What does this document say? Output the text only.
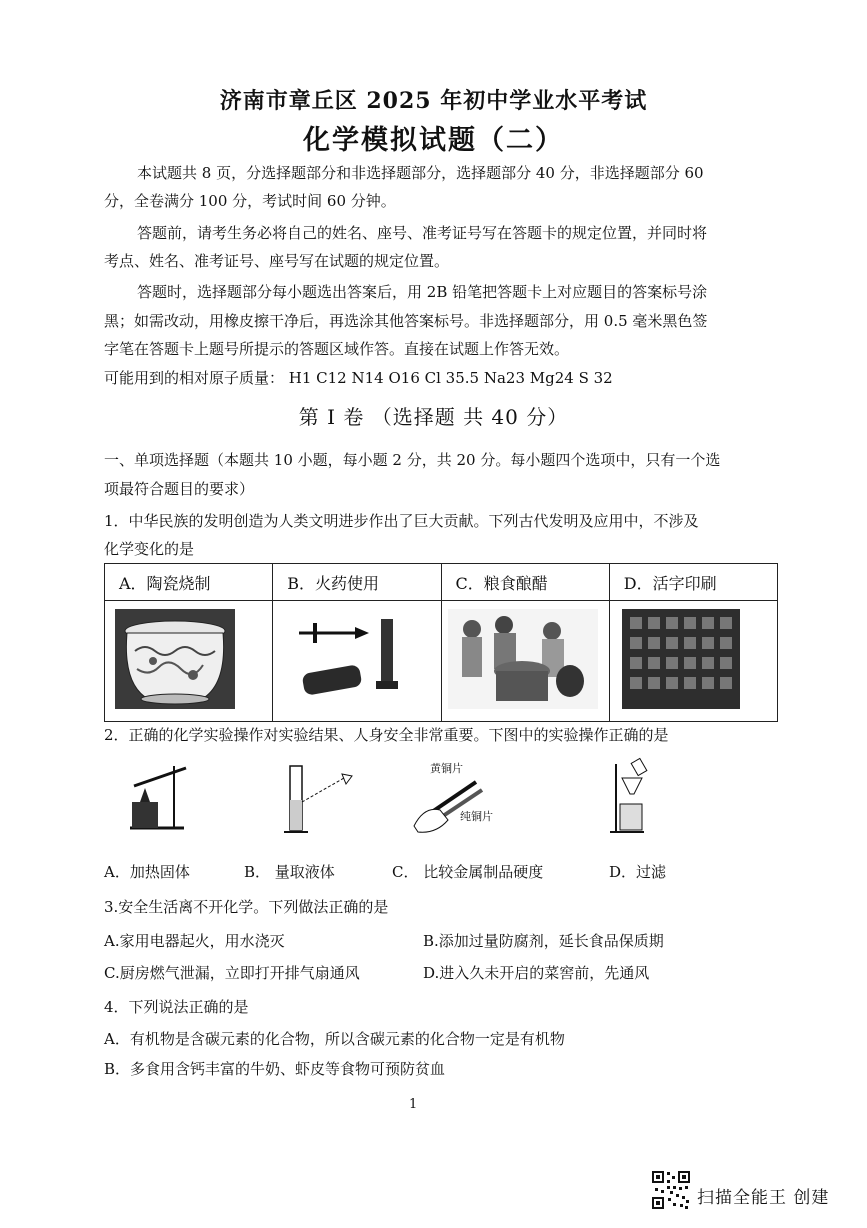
济南市章丘区 2025 年初中学业水平考试
化学模拟试题（二）
本试题共 8 页，分选择题部分和非选择题部分，选择题部分 40 分，非选择题部分 60
分，全卷满分 100 分，考试时间 60 分钟。
答题前，请考生务必将自己的姓名、座号、准考证号写在答题卡的规定位置，并同时将
考点、姓名、准考证号、座号写在试题的规定位置。
答题时，选择题部分每小题选出答案后，用 2B 铅笔把答题卡上对应题目的答案标号涂
黑；如需改动，用橡皮擦干净后，再选涂其他答案标号。非选择题部分，用 0.5 毫米黑色签
字笔在答题卡上题号所提示的答题区域作答。直接在试题上作答无效。
可能用到的相对原子质量： H1 C12 N14 O16 Cl 35.5 Na23 Mg24 S 32
第 I 卷 （选择题 共 40 分）
一、单项选择题（本题共 10 小题，每小题 2 分，共 20 分。每小题四个选项中，只有一个选
项最符合题目的要求）
1．中华民族的发明创造为人类文明进步作出了巨大贡献。下列古代发明及应用中，不涉及
化学变化的是
A．陶瓷烧制	B．火药使用	C．粮食酿醋	D．活字印刷

2．正确的化学实验操作对实验结果、人身安全非常重要。下图中的实验操作正确的是
黄铜片
纯铜片
A．加热固体	B． 量取液体	C． 比较金属制品硬度	D．过滤
3.安全生活离不开化学。下列做法正确的是
A.家用电器起火，用水浇灭	B.添加过量防腐剂，延长食品保质期
C.厨房燃气泄漏，立即打开排气扇通风	D.进入久未开启的菜窖前，先通风
4．下列说法正确的是
A．有机物是含碳元素的化合物，所以含碳元素的化合物一定是有机物
B．多食用含钙丰富的牛奶、虾皮等食物可预防贫血
1
扫描全能王 创建
